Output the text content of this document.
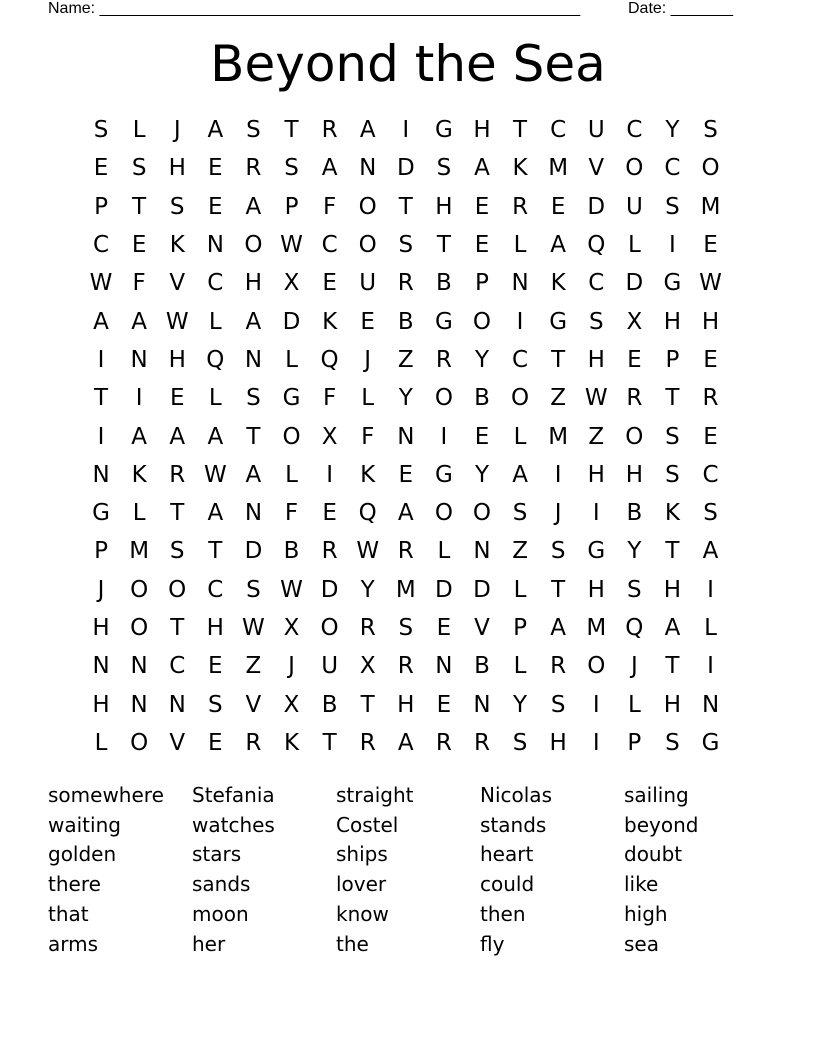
Name: ______________________________________________________	Date: _______
Beyond the Sea
S	L	J	A S	T	R A	I	G H T	C U C	Y	S
E	S H E R S A N D S A K M V O C O
P	T	S	E A	P	F O T H E R E D U S M
C E	K N O W C O S	T	E	L	A Q L	I	E
W F	V C H X E U R B	P N K C D G W
A A W L	A D K	E B G O	I	G S X H H
I	N H Q N	L Q	J	Z R	Y	C	T H E	P	E
T	I	E	L	S G F	L	Y O B O Z W R	T	R
I	A A A	T O X	F N	I	E	L M Z O S	E
N K R W A	L	I	K	E G Y	A	I	H H S C
G L	T	A N F	E Q A O O S	J	I	B K	S
P M S	T D B R W R	L	N Z S G Y	T	A
J	O O C S W D Y M D D L	T H S H	I
H O T H W X O R S	E V	P	A M Q A	L
N N C E Z	J	U X R N B	L	R O	J	T	I
H N N S V X B	T H E N Y	S	I	L	H N
L O V E R K	T	R A R R S H	I	P	S G
somewhere	Stefania	straight	Nicolas	sailing
waiting	watches	Costel	stands	beyond
golden	stars	ships	heart	doubt
there	sands	lover	could	like
that	moon	know	then	high
arms	her	the	fly	sea
